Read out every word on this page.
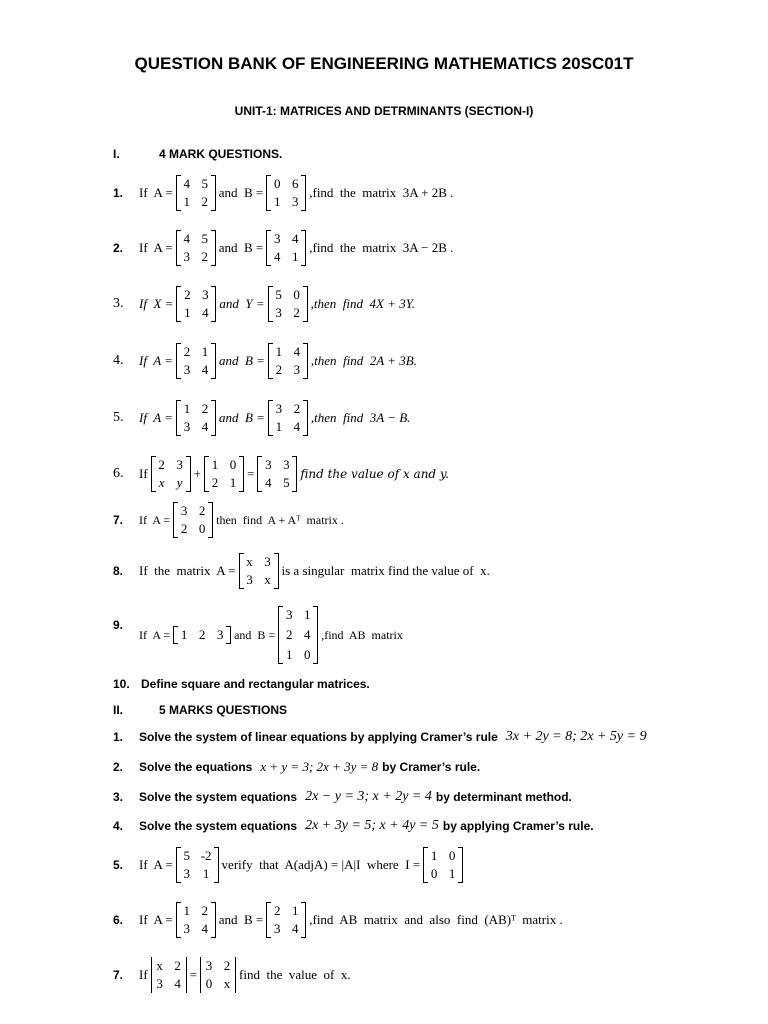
QUESTION BANK OF ENGINEERING MATHEMATICS 20SC01T
UNIT-1: MATRICES AND DETRMINANTS (SECTION-I)
I.	4 MARK QUESTIONS.
1.	If  A =
4 5
1 2
and  B =
0 6
1 3
,find  the  matrix  3A + 2B .
2.	If  A =
4 5
3 2
and  B =
3 4
4 1
,find  the  matrix  3A − 2B .
3.	If  X =
2 3
1 4
and  Y =
5 0
3 2
,then  find  4X + 3Y.
4.	If  A =
2 1
3 4
and  B =
1 4
2 3
,then  find  2A + 3B.
5.	If  A =
1 2
3 4
and  B =
3 2
1 4
,then  find  3A − B.
6.	If
2 3
x y
+
1 0
2 1
=
3 3
4 5
find the value of x and y.
7.	If  A =
3 2
2 0
then  find  A + Aᵀ  matrix .
8.	If  the  matrix  A =
x 3
3 x
is a singular  matrix find the value of  x.
9.
If  A = 1 2 3 and  B =
3 1
2 4
1 0
,find  AB  matrix
10. Define square and rectangular matrices.
II.	5 MARKS QUESTIONS
1.	Solve the system of linear equations by applying Cramer’s rule 3x + 2y = 8; 2x + 5y = 9
2.	Solve the equations x + y = 3; 2x + 3y = 8 by Cramer’s rule.
3.	Solve the system equations 2x − y = 3; x + 2y = 4 by determinant method.
4.	Solve the system equations 2x + 3y = 5; x + 4y = 5 by applying Cramer’s rule.
5.	If  A =
5 -2
3 1
verify  that  A(adjA) = |A|I  where  I =
1 0
0 1
6.	If  A =
1 2
3 4
and  B =
2 1
3 4
,find  AB  matrix  and  also  find  (AB)ᵀ  matrix .
7.	If
x 2
3 4
=
3 2
0 x
find  the  value  of  x.
